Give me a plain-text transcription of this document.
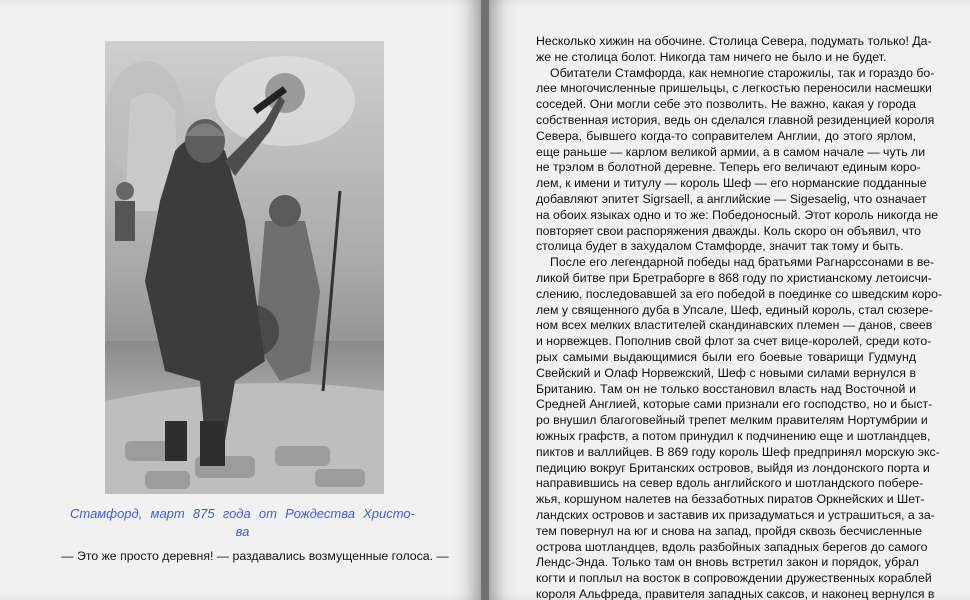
Стамфорд, март 875 года от Рождества Христо-
ва
— Это же просто деревня! — раздавались возмущенные голоса. —
Несколько хижин на обочине. Столица Севера, подумать только! Да-
же не столица болот. Никогда там ничего не было и не будет.
Обитатели Стамфорда, как немногие старожилы, так и гораздо бо-
лее многочисленные пришельцы, с легкостью переносили насмешки
соседей. Они могли себе это позволить. Не важно, какая у города
собственная история, ведь он сделался главной резиденцией короля
Севера, бывшего когда-то соправителем Англии, до этого ярлом,
еще раньше — карлом великой армии, а в самом начале — чуть ли
не трэлом в болотной деревне. Теперь его величают единым коро-
лем, к имени и титулу — король Шеф — его норманские подданные
добавляют эпитет Sigrsaell, а английские — Sigesaelig, что означает
на обоих языках одно и то же: Победоносный. Этот король никогда не
повторяет свои распоряжения дважды. Коль скоро он объявил, что
столица будет в захудалом Стамфорде, значит так тому и быть.
После его легендарной победы над братьями Рагнарссонами в ве-
ликой битве при Бретраборге в 868 году по христианскому летоисчи-
слению, последовавшей за его победой в поединке со шведским коро-
лем у священного дуба в Упсале, Шеф, единый король, стал сюзере-
ном всех мелких властителей скандинавских племен — данов, свеев
и норвежцев. Пополнив свой флот за счет вице-королей, среди кото-
рых самыми выдающимися были его боевые товарищи Гудмунд
Свейский и Олаф Норвежский, Шеф с новыми силами вернулся в
Британию. Там он не только восстановил власть над Восточной и
Средней Англией, которые сами признали его господство, но и быст-
ро внушил благоговейный трепет мелким правителям Нортумбрии и
южных графств, а потом принудил к подчинению еще и шотландцев,
пиктов и валлийцев. В 869 году король Шеф предпринял морскую экс-
педицию вокруг Британских островов, выйдя из лондонского порта и
направившись на север вдоль английского и шотландского побере-
жья, коршуном налетев на беззаботных пиратов Оркнейских и Шет-
ландских островов и заставив их призадуматься и устрашиться, а за-
тем повернул на юг и снова на запад, пройдя сквозь бесчисленные
острова шотландцев, вдоль разбойных западных берегов до самого
Лендс-Энда. Только там он вновь встретил закон и порядок, убрал
когти и поплыл на восток в сопровождении дружественных кораблей
короля Альфреда, правителя западных саксов, и наконец вернулся в
